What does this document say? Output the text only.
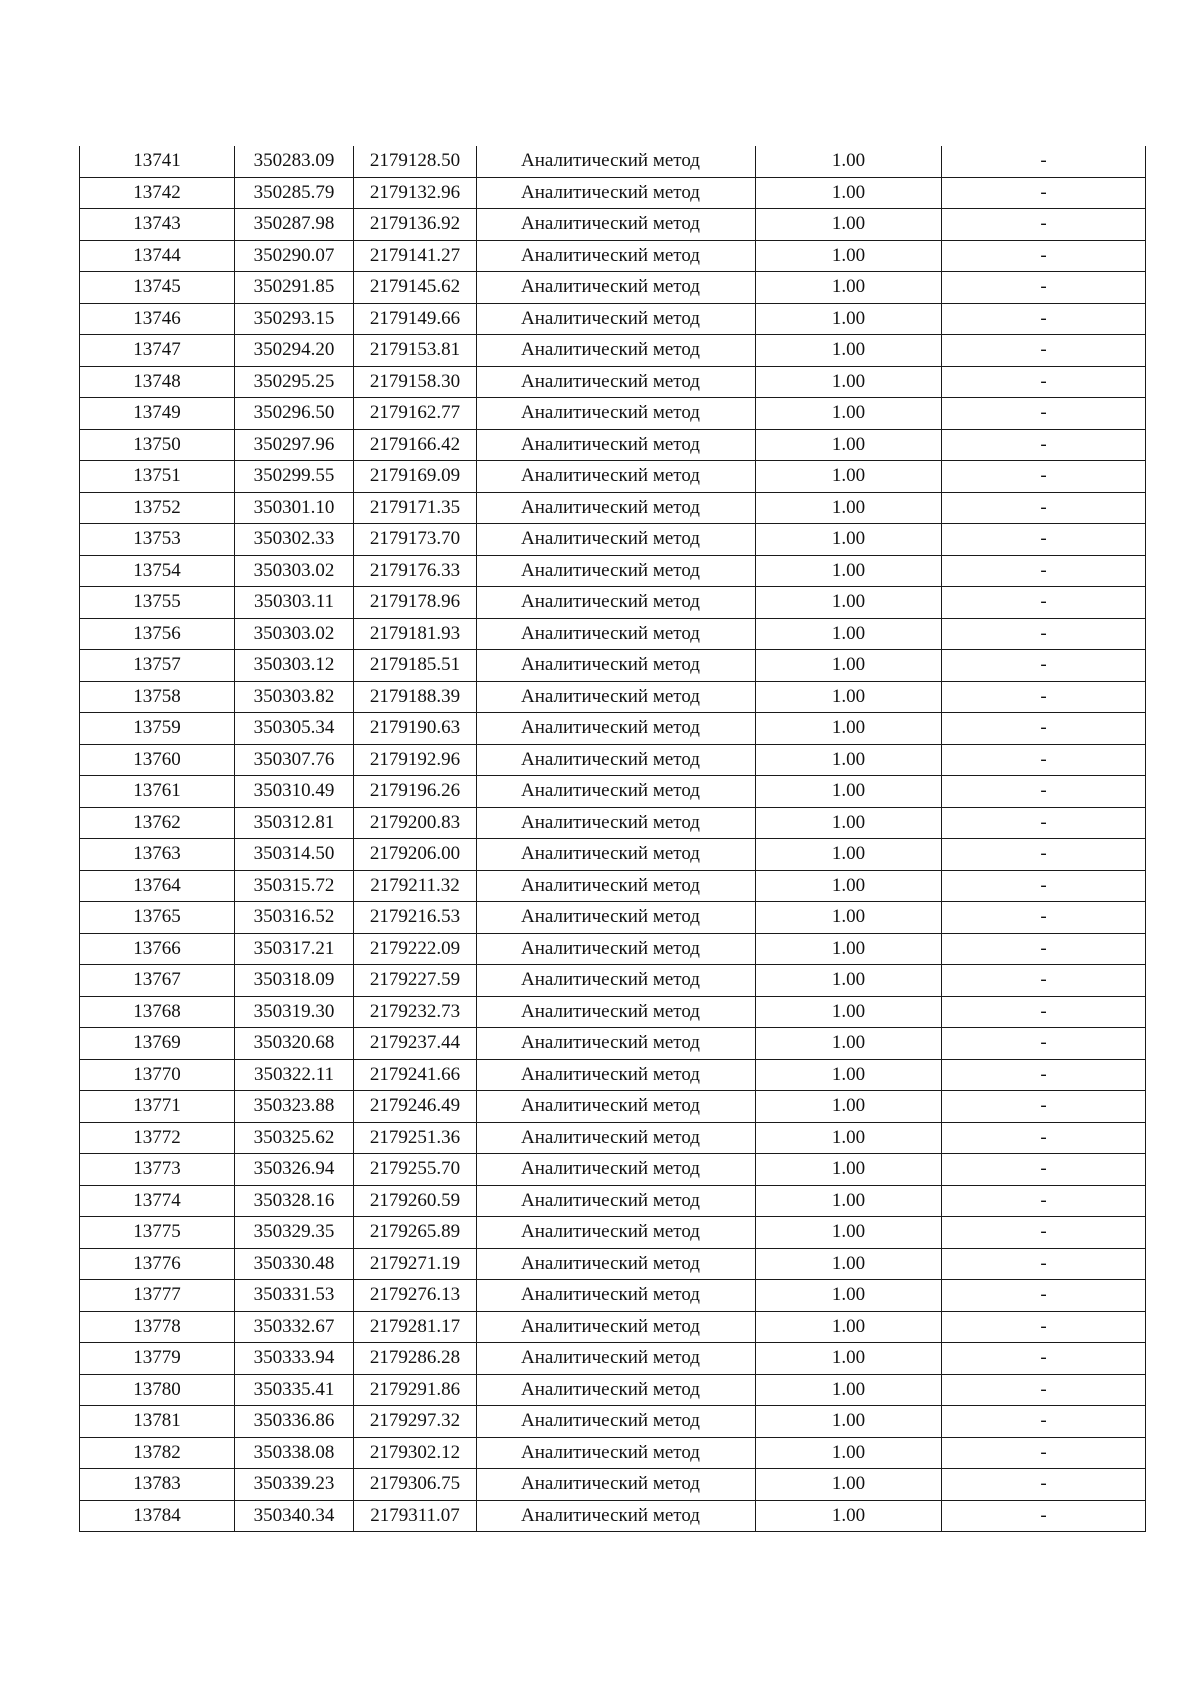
13741	350283.09	2179128.50	Аналитический метод	1.00	-
13742	350285.79	2179132.96	Аналитический метод	1.00	-
13743	350287.98	2179136.92	Аналитический метод	1.00	-
13744	350290.07	2179141.27	Аналитический метод	1.00	-
13745	350291.85	2179145.62	Аналитический метод	1.00	-
13746	350293.15	2179149.66	Аналитический метод	1.00	-
13747	350294.20	2179153.81	Аналитический метод	1.00	-
13748	350295.25	2179158.30	Аналитический метод	1.00	-
13749	350296.50	2179162.77	Аналитический метод	1.00	-
13750	350297.96	2179166.42	Аналитический метод	1.00	-
13751	350299.55	2179169.09	Аналитический метод	1.00	-
13752	350301.10	2179171.35	Аналитический метод	1.00	-
13753	350302.33	2179173.70	Аналитический метод	1.00	-
13754	350303.02	2179176.33	Аналитический метод	1.00	-
13755	350303.11	2179178.96	Аналитический метод	1.00	-
13756	350303.02	2179181.93	Аналитический метод	1.00	-
13757	350303.12	2179185.51	Аналитический метод	1.00	-
13758	350303.82	2179188.39	Аналитический метод	1.00	-
13759	350305.34	2179190.63	Аналитический метод	1.00	-
13760	350307.76	2179192.96	Аналитический метод	1.00	-
13761	350310.49	2179196.26	Аналитический метод	1.00	-
13762	350312.81	2179200.83	Аналитический метод	1.00	-
13763	350314.50	2179206.00	Аналитический метод	1.00	-
13764	350315.72	2179211.32	Аналитический метод	1.00	-
13765	350316.52	2179216.53	Аналитический метод	1.00	-
13766	350317.21	2179222.09	Аналитический метод	1.00	-
13767	350318.09	2179227.59	Аналитический метод	1.00	-
13768	350319.30	2179232.73	Аналитический метод	1.00	-
13769	350320.68	2179237.44	Аналитический метод	1.00	-
13770	350322.11	2179241.66	Аналитический метод	1.00	-
13771	350323.88	2179246.49	Аналитический метод	1.00	-
13772	350325.62	2179251.36	Аналитический метод	1.00	-
13773	350326.94	2179255.70	Аналитический метод	1.00	-
13774	350328.16	2179260.59	Аналитический метод	1.00	-
13775	350329.35	2179265.89	Аналитический метод	1.00	-
13776	350330.48	2179271.19	Аналитический метод	1.00	-
13777	350331.53	2179276.13	Аналитический метод	1.00	-
13778	350332.67	2179281.17	Аналитический метод	1.00	-
13779	350333.94	2179286.28	Аналитический метод	1.00	-
13780	350335.41	2179291.86	Аналитический метод	1.00	-
13781	350336.86	2179297.32	Аналитический метод	1.00	-
13782	350338.08	2179302.12	Аналитический метод	1.00	-
13783	350339.23	2179306.75	Аналитический метод	1.00	-
13784	350340.34	2179311.07	Аналитический метод	1.00	-
